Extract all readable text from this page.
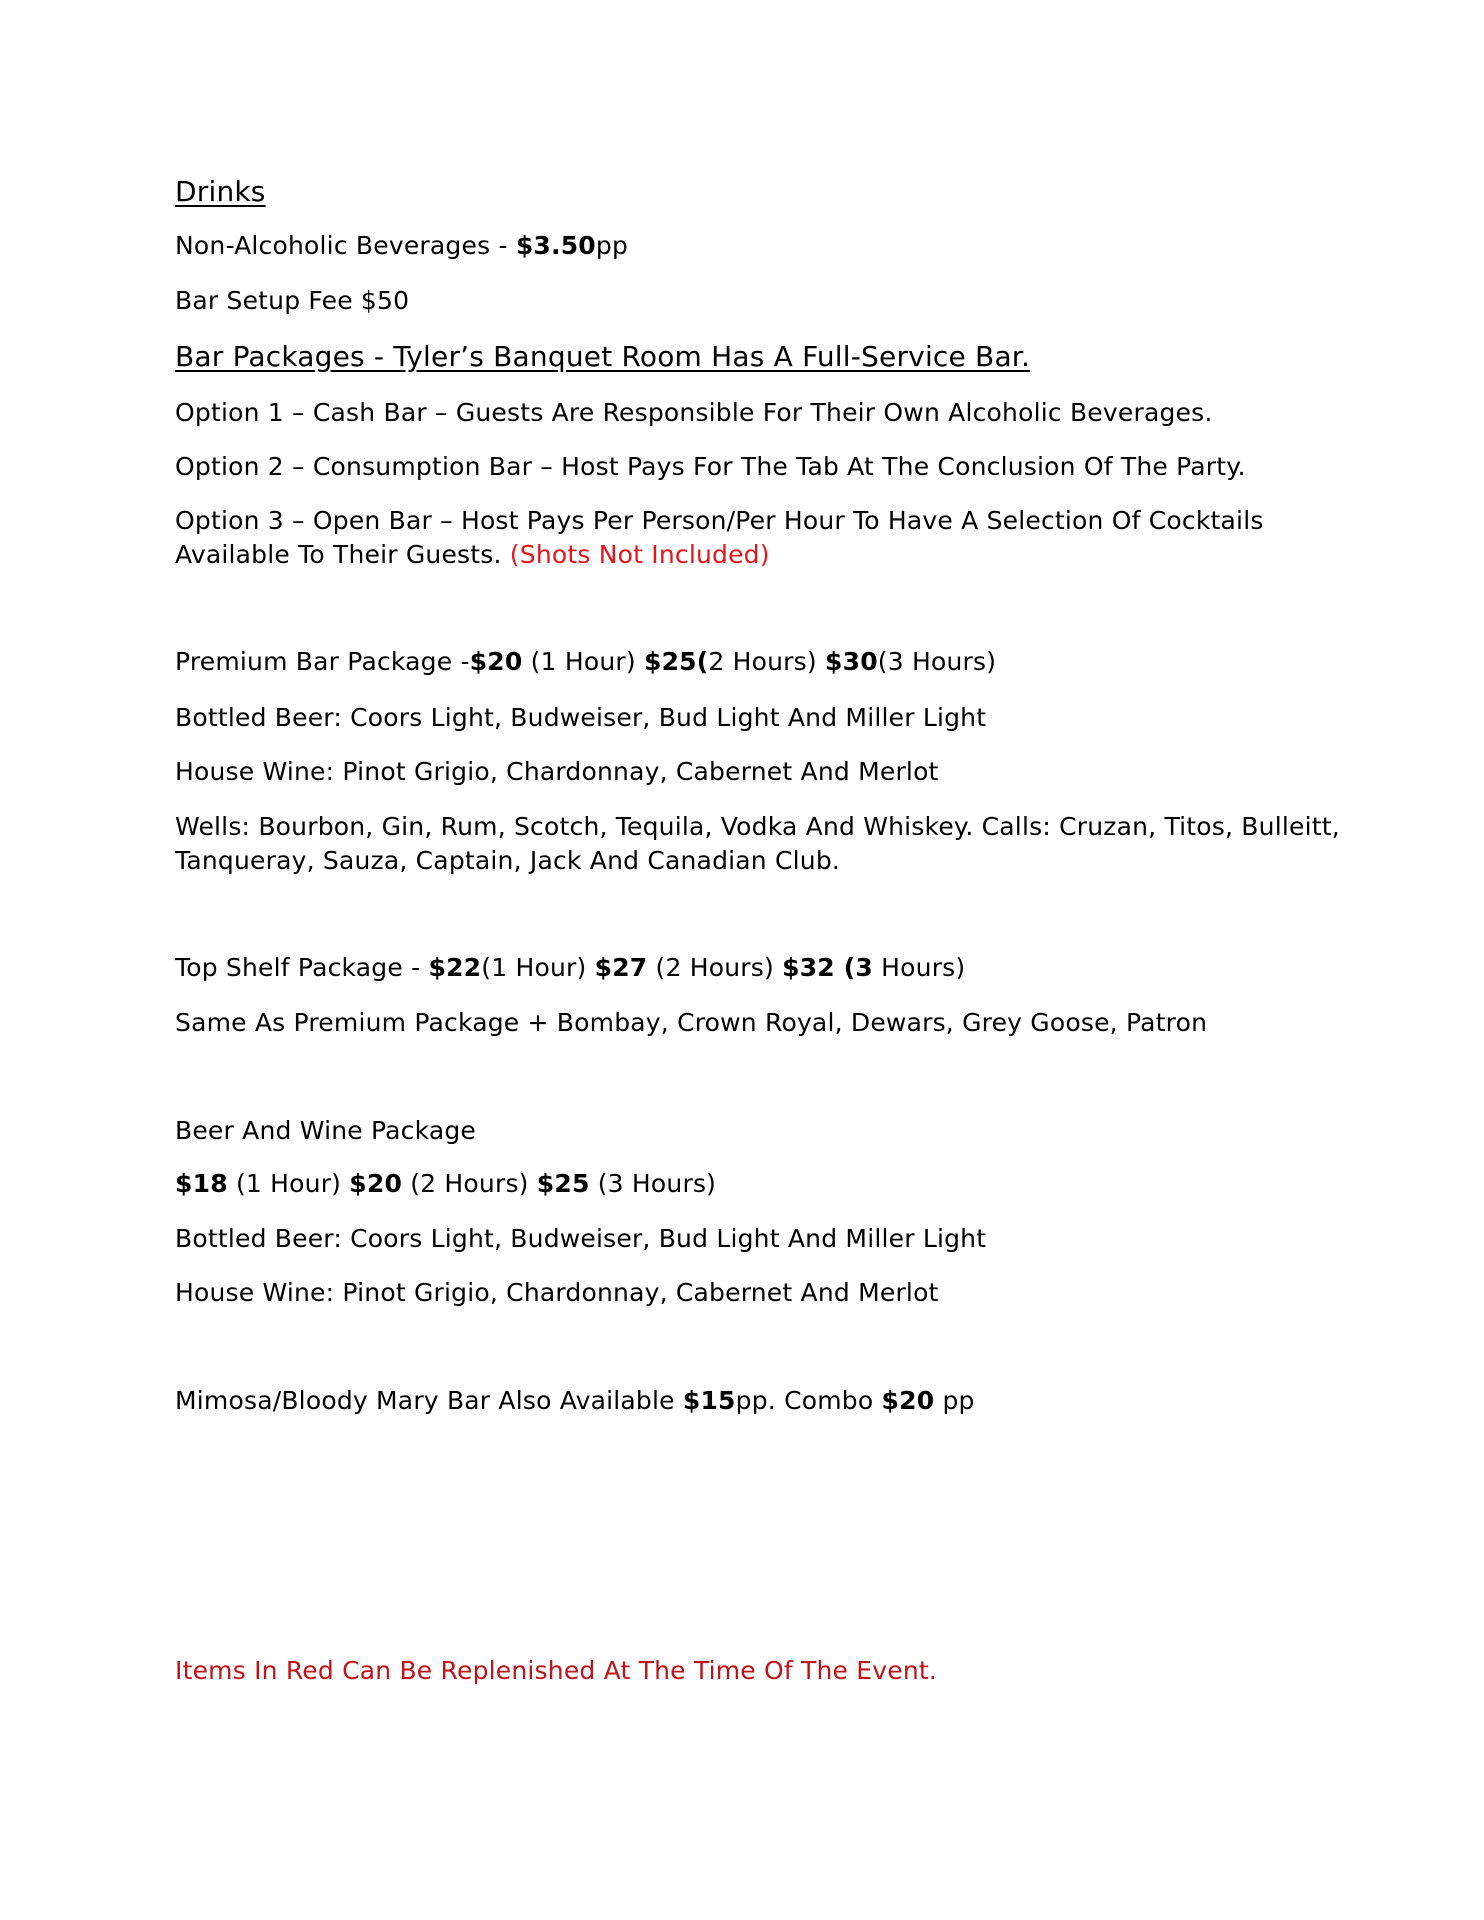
Drinks
Non-Alcoholic Beverages - $3.50pp
Bar Setup Fee $50
Bar Packages - Tyler’s Banquet Room Has A Full-Service Bar.
Option 1 – Cash Bar – Guests Are Responsible For Their Own Alcoholic Beverages.
Option 2 – Consumption Bar – Host Pays For The Tab At The Conclusion Of The Party.
Option 3 – Open Bar – Host Pays Per Person/Per Hour To Have A Selection Of Cocktails
Available To Their Guests. (Shots Not Included)
Premium Bar Package -$20 (1 Hour) $25(2 Hours) $30(3 Hours)
Bottled Beer: Coors Light, Budweiser, Bud Light And Miller Light
House Wine: Pinot Grigio, Chardonnay, Cabernet And Merlot
Wells: Bourbon, Gin, Rum, Scotch, Tequila, Vodka And Whiskey. Calls: Cruzan, Titos, Bulleitt,
Tanqueray, Sauza, Captain, Jack And Canadian Club.
Top Shelf Package - $22(1 Hour) $27 (2 Hours) $32 (3 Hours)
Same As Premium Package + Bombay, Crown Royal, Dewars, Grey Goose, Patron
Beer And Wine Package
$18 (1 Hour) $20 (2 Hours) $25 (3 Hours)
Bottled Beer: Coors Light, Budweiser, Bud Light And Miller Light
House Wine: Pinot Grigio, Chardonnay, Cabernet And Merlot
Mimosa/Bloody Mary Bar Also Available $15pp. Combo $20 pp
Items In Red Can Be Replenished At The Time Of The Event.
